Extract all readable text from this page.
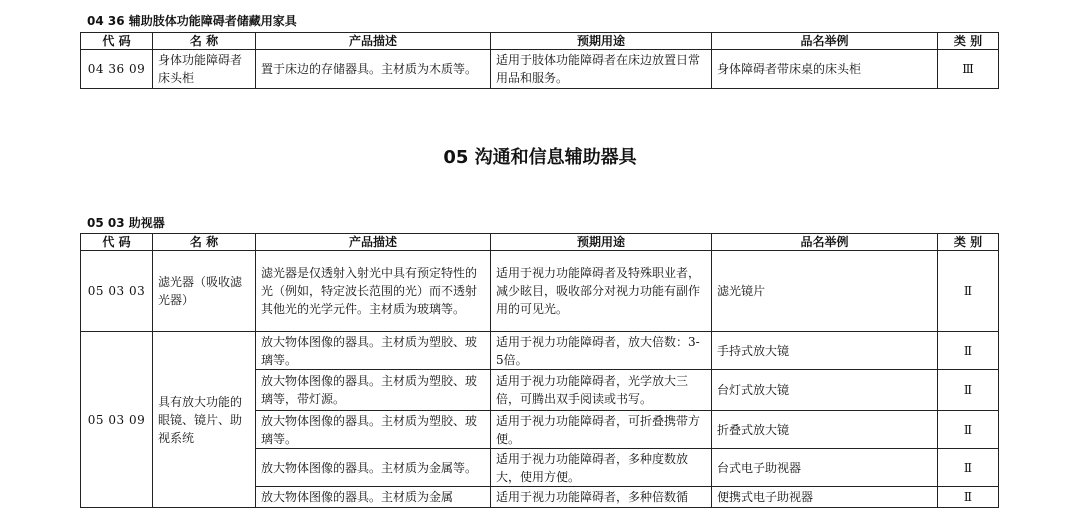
04 36 辅助肢体功能障碍者储藏用家具
代 码	名 称	产品描述	预期用途	品名举例	类 别
04 36 09	身体功能障碍者床头柜	置于床边的存储器具。主材质为木质等。	适用于肢体功能障碍者在床边放置日常用品和服务。	身体障碍者带床桌的床头柜	Ⅲ
05 沟通和信息辅助器具
05 03 助视器
代 码	名 称	产品描述	预期用途	品名举例	类 别
05 03 03	滤光器（吸收滤光器）	滤光器是仅透射入射光中具有预定特性的光（例如，特定波长范围的光）而不透射其他光的光学元件。主材质为玻璃等。	适用于视力功能障碍者及特殊职业者，减少眩目，吸收部分对视力功能有副作用的可见光。	滤光镜片	Ⅱ
05 03 09	具有放大功能的眼镜、镜片、助视系统	放大物体图像的器具。主材质为塑胶、玻璃等。	适用于视力功能障碍者，放大倍数：3-5倍。	手持式放大镜	Ⅱ
		放大物体图像的器具。主材质为塑胶、玻璃等，带灯源。	适用于视力功能障碍者，光学放大三倍，可腾出双手阅读或书写。	台灯式放大镜	Ⅱ
		放大物体图像的器具。主材质为塑胶、玻璃等。	适用于视力功能障碍者，可折叠携带方便。	折叠式放大镜	Ⅱ
		放大物体图像的器具。主材质为金属等。	适用于视力功能障碍者，多种度数放大，使用方便。	台式电子助视器	Ⅱ
		放大物体图像的器具。主材质为金属	适用于视力功能障碍者，多种倍数循	便携式电子助视器	Ⅱ
